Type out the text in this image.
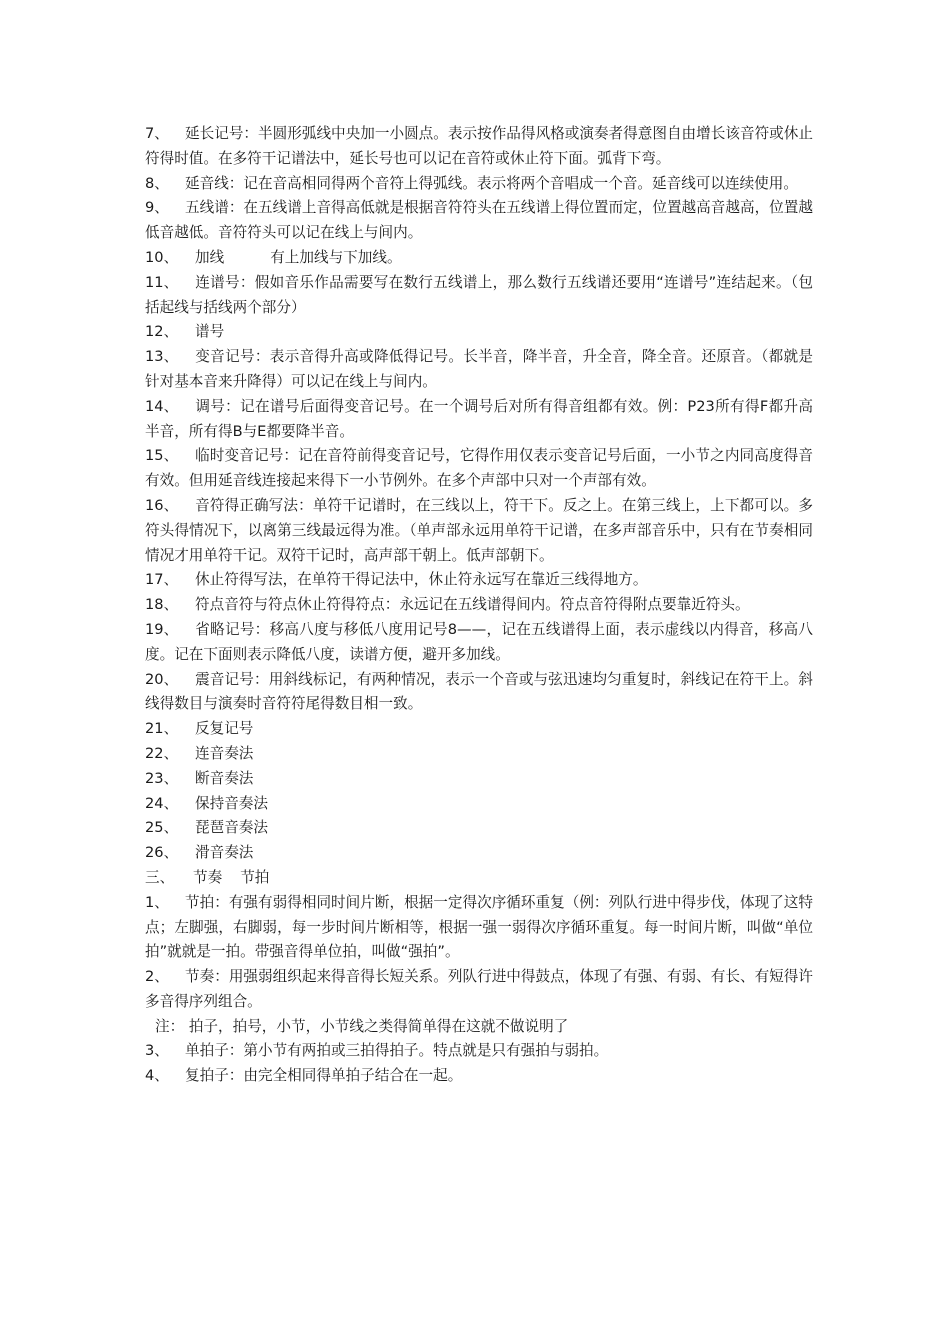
7、 延长记号：半圆形弧线中央加一小圆点。表示按作品得风格或演奏者得意图自由增长该音符或休止符得时值。在多符干记谱法中，延长号也可以记在音符或休止符下面。弧背下弯。

8、 延音线：记在音高相同得两个音符上得弧线。表示将两个音唱成一个音。延音线可以连续使用。

9、 五线谱：在五线谱上音得高低就是根据音符符头在五线谱上得位置而定，位置越高音越高，位置越低音越低。音符符头可以记在线上与间内。

10、 加线	有上加线与下加线。

11、 连谱号：假如音乐作品需要写在数行五线谱上，那么数行五线谱还要用“连谱号”连结起来。（包括起线与括线两个部分）

12、 谱号

13、 变音记号：表示音得升高或降低得记号。长半音，降半音，升全音，降全音。还原音。（都就是针对基本音来升降得）可以记在线上与间内。

14、 调号：记在谱号后面得变音记号。在一个调号后对所有得音组都有效。例：P23所有得F都升高半音，所有得B与E都要降半音。

15、 临时变音记号：记在音符前得变音记号，它得作用仅表示变音记号后面，一小节之内同高度得音有效。但用延音线连接起来得下一小节例外。在多个声部中只对一个声部有效。

16、 音符得正确写法：单符干记谱时，在三线以上，符干下。反之上。在第三线上，上下都可以。多符头得情况下，以离第三线最远得为准。（单声部永远用单符干记谱，在多声部音乐中，只有在节奏相同情况才用单符干记。双符干记时，高声部干朝上。低声部朝下。

17、 休止符得写法，在单符干得记法中，休止符永远写在靠近三线得地方。

18、 符点音符与符点休止符得符点：永远记在五线谱得间内。符点音符得附点要靠近符头。

19、 省略记号：移高八度与移低八度用记号8——，记在五线谱得上面，表示虚线以内得音，移高八度。记在下面则表示降低八度，读谱方便，避开多加线。

20、 震音记号：用斜线标记，有两种情况，表示一个音或与弦迅速均匀重复时，斜线记在符干上。斜线得数目与演奏时音符符尾得数目相一致。

21、 反复记号

22、 连音奏法

23、 断音奏法

24、 保持音奏法

25、 琵琶音奏法

26、 滑音奏法

三、 节奏 节拍

1、 节拍：有强有弱得相同时间片断，根据一定得次序循环重复（例：列队行进中得步伐，体现了这特点；左脚强，右脚弱，每一步时间片断相等，根据一强一弱得次序循环重复。每一时间片断，叫做“单位拍”就就是一拍。带强音得单位拍，叫做“强拍”。

2、 节奏：用强弱组织起来得音得长短关系。列队行进中得鼓点，体现了有强、有弱、有长、有短得许多音得序列组合。

注： 拍子，拍号，小节，小节线之类得简单得在这就不做说明了

3、 单拍子：第小节有两拍或三拍得拍子。特点就是只有强拍与弱拍。

4、 复拍子：由完全相同得单拍子结合在一起。
